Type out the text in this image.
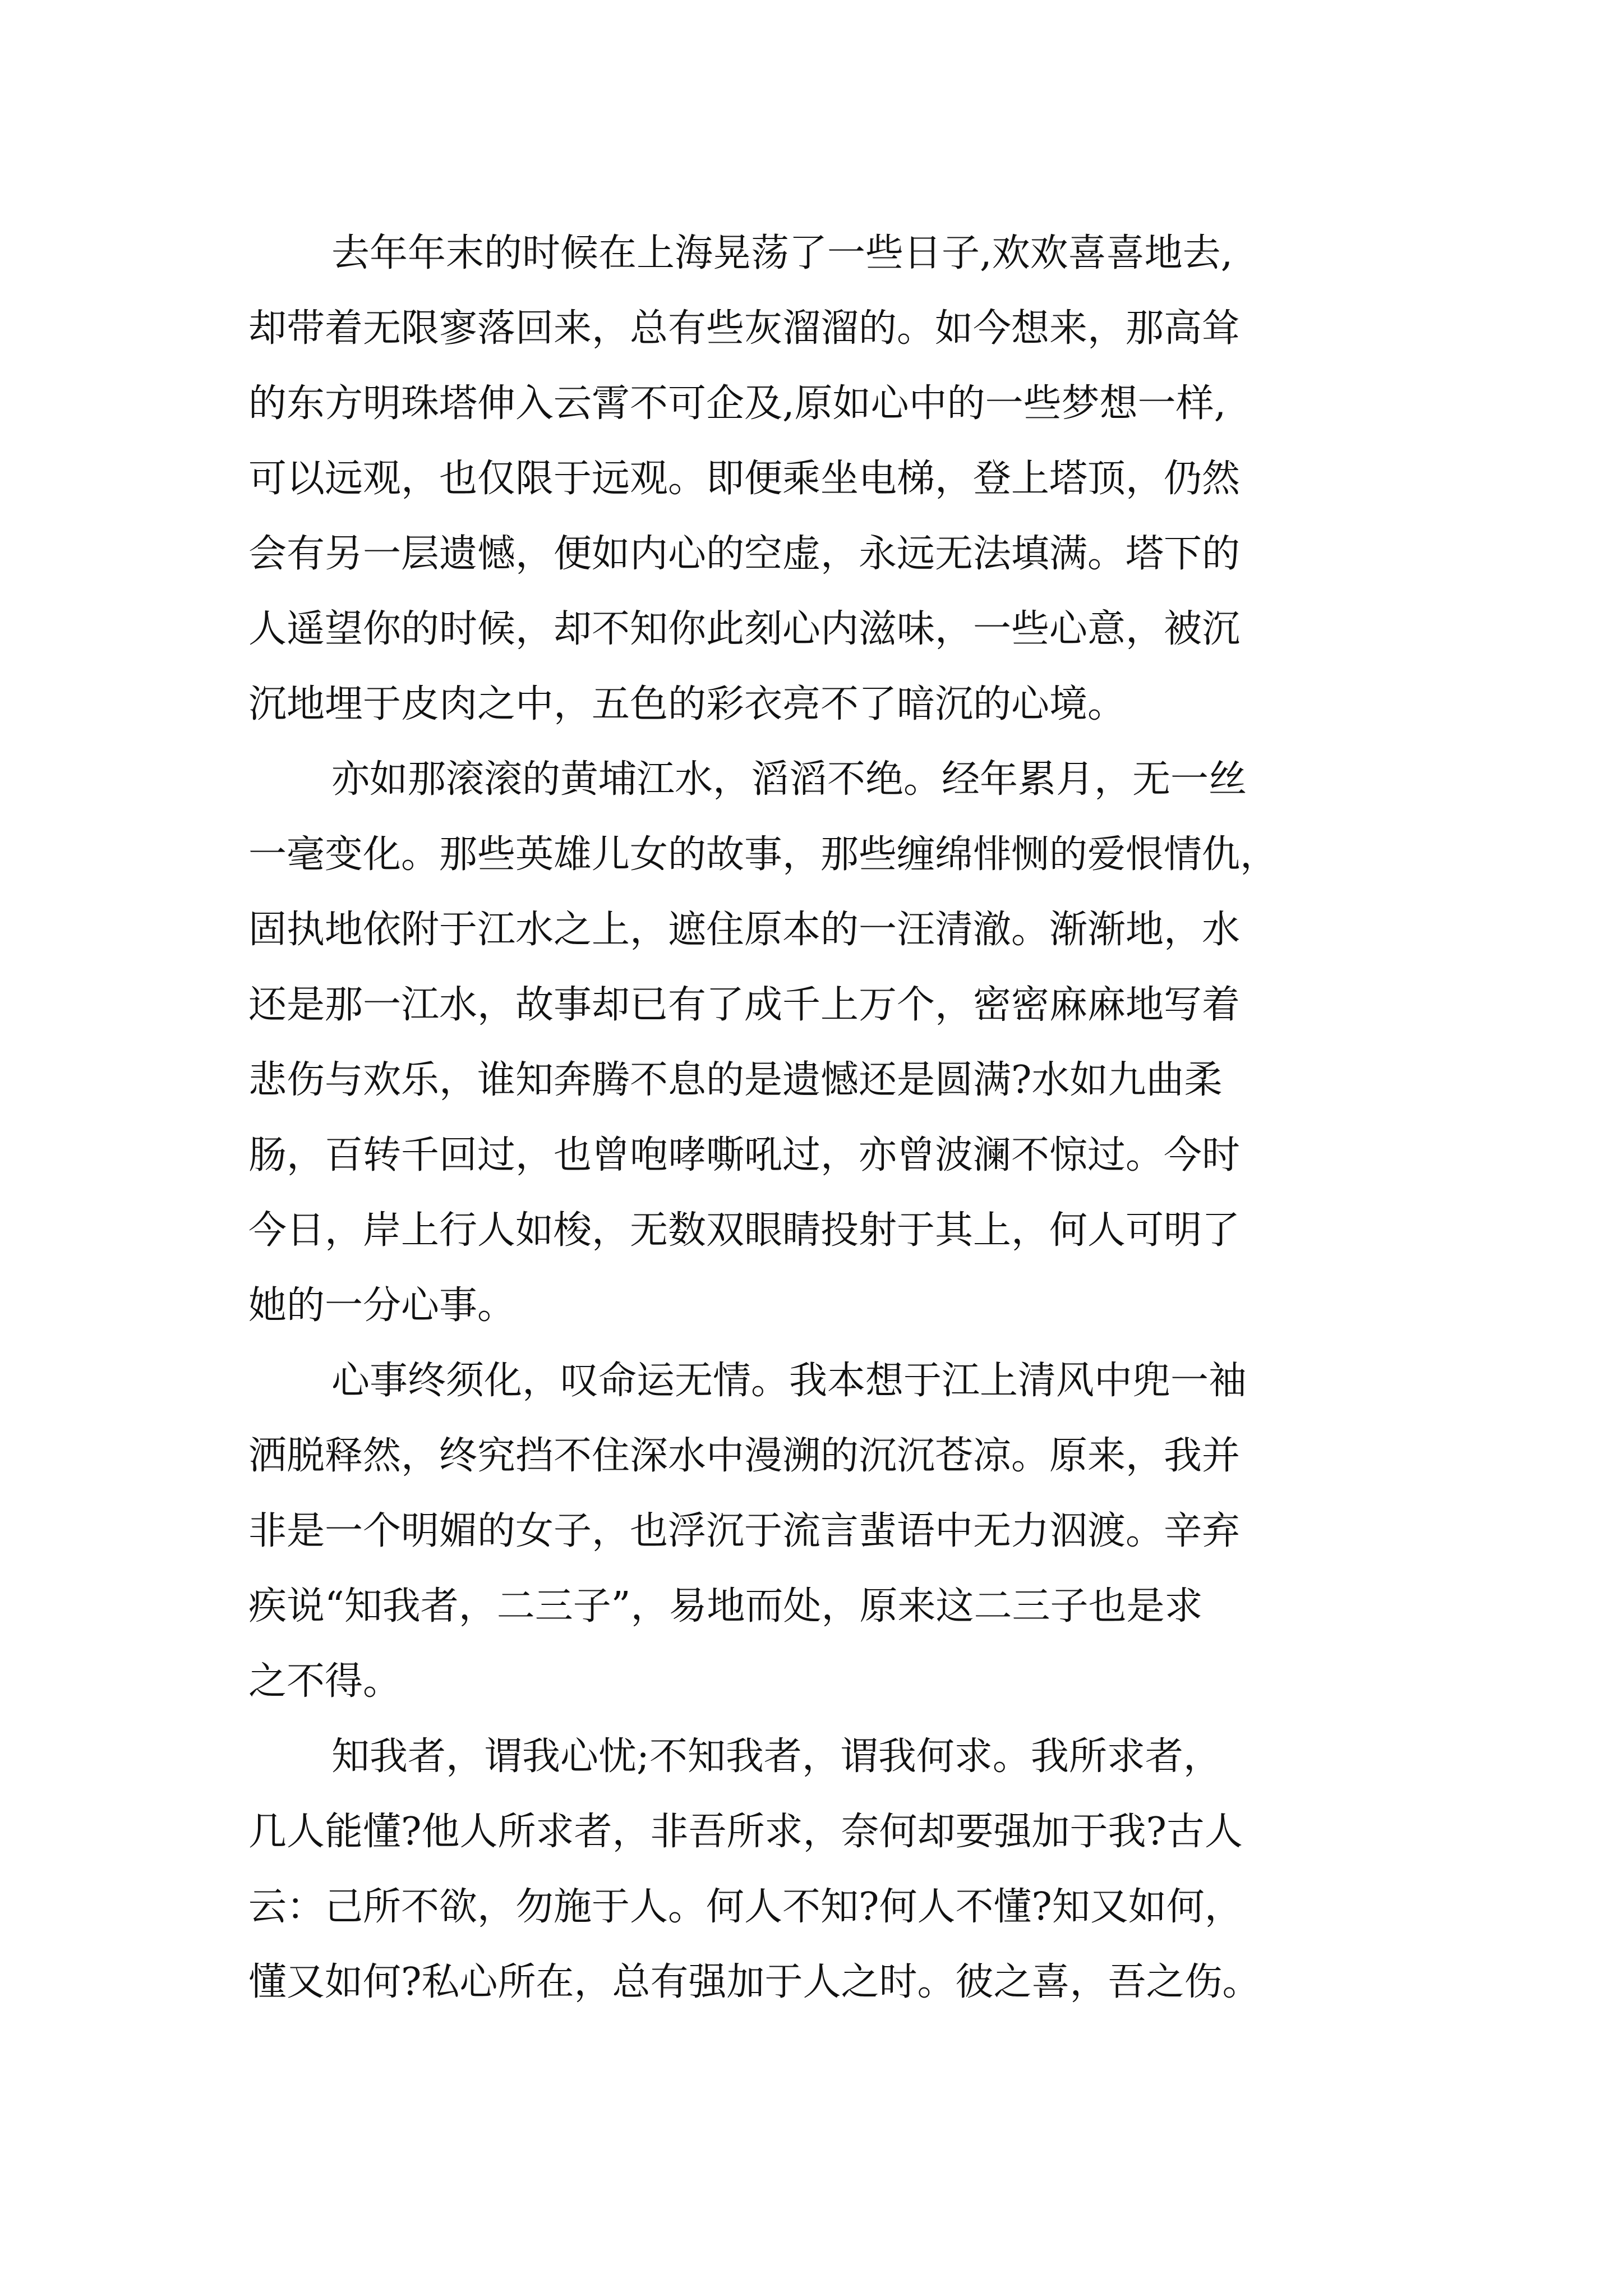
去年年末的时候在上海晃荡了一些日子,欢欢喜喜地去,
却带着无限寥落回来，总有些灰溜溜的。如今想来，那高耸
的东方明珠塔伸入云霄不可企及,原如心中的一些梦想一样,
可以远观，也仅限于远观。即便乘坐电梯，登上塔顶，仍然
会有另一层遗憾，便如内心的空虚，永远无法填满。塔下的
人遥望你的时候，却不知你此刻心内滋味，一些心意，被沉
沉地埋于皮肉之中，五色的彩衣亮不了暗沉的心境。
亦如那滚滚的黄埔江水，滔滔不绝。经年累月，无一丝
一毫变化。那些英雄儿女的故事，那些缠绵悱恻的爱恨情仇，
固执地依附于江水之上，遮住原本的一汪清澈。渐渐地，水
还是那一江水，故事却已有了成千上万个，密密麻麻地写着
悲伤与欢乐，谁知奔腾不息的是遗憾还是圆满?水如九曲柔
肠，百转千回过，也曾咆哮嘶吼过，亦曾波澜不惊过。今时
今日，岸上行人如梭，无数双眼睛投射于其上，何人可明了
她的一分心事。
心事终须化，叹命运无情。我本想于江上清风中兜一袖
洒脱释然，终究挡不住深水中漫溯的沉沉苍凉。原来，我并
非是一个明媚的女子，也浮沉于流言蜚语中无力泅渡。辛弃
疾说“知我者，二三子”，易地而处，原来这二三子也是求
之不得。
知我者，谓我心忧;不知我者，谓我何求。我所求者，
几人能懂?他人所求者，非吾所求，奈何却要强加于我?古人
云：己所不欲，勿施于人。何人不知?何人不懂?知又如何，
懂又如何?私心所在，总有强加于人之时。彼之喜，吾之伤。
